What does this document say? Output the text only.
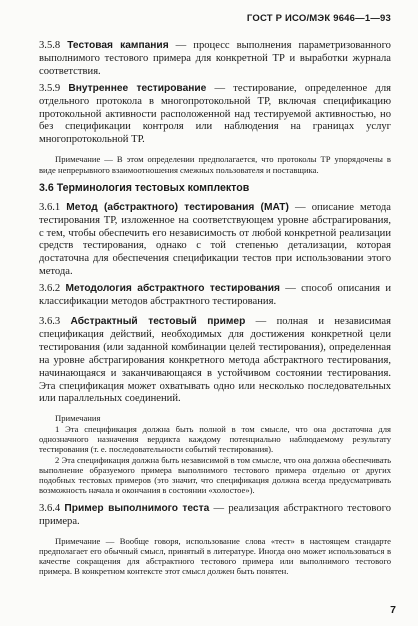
ГОСТ Р ИСО/МЭК 9646—1—93

3.5.8 Тестовая кампания — процесс выполнения параметризованного выполнимого тестового примера для конкретной ТР и выработки журнала соответствия.

3.5.9 Внутреннее тестирование — тестирование, определенное для отдельного протокола в многопротокольной ТР, включая спецификацию протокольной активности расположенной над тестируемой активностью, но без спецификации контроля или наблюдения на границах услуг многопротокольной ТР.

Примечание — В этом определении предполагается, что протоколы ТР упорядочены в виде непрерывного взаимоотношения смежных пользователя и поставщика.

3.6 Терминология тестовых комплектов

3.6.1 Метод (абстрактного) тестирования (МАТ) — описание метода тестирования ТР, изложенное на соответствующем уровне абстрагирования, с тем, чтобы обеспечить его независимость от любой конкретной реализации средств тестирования, однако с той степенью детализации, которая достаточна для обеспечения спецификации тестов при использовании этого метода.

3.6.2 Методология абстрактного тестирования — способ описания и классификации методов абстрактного тестирования.

3.6.3 Абстрактный тестовый пример — полная и независимая спецификация действий, необходимых для достижения конкретной цели тестирования (или заданной комбинации целей тестирования), определенная на уровне абстрагирования конкретного метода абстрактного тестирования, начинающаяся и заканчивающаяся в устойчивом состоянии тестирования. Эта спецификация может охватывать одно или несколько последовательных или параллельных соединений.

Примечания

1 Эта спецификация должна быть полной в том смысле, что она достаточна для однозначного назначения вердикта каждому потенциально наблюдаемому результату тестирования (т. е. последовательности событий тестирования).

2 Эта спецификация должна быть независимой в том смысле, что она должна обеспечивать выполнение образуемого примера выполнимого тестового примера отдельно от других подобных тестовых примеров (это значит, что спецификация должна всегда предусматривать возможность начала и окончания в состоянии «холостое»).

3.6.4 Пример выполнимого теста — реализация абстрактного тестового примера.

Примечание — Вообще говоря, использование слова «тест» в настоящем стандарте предполагает его обычный смысл, принятый в литературе. Иногда оно может использоваться в качестве сокращения для абстрактного тестового примера или выполнимого тестового примера. В конкретном контексте этот смысл должен быть понятен.

7
